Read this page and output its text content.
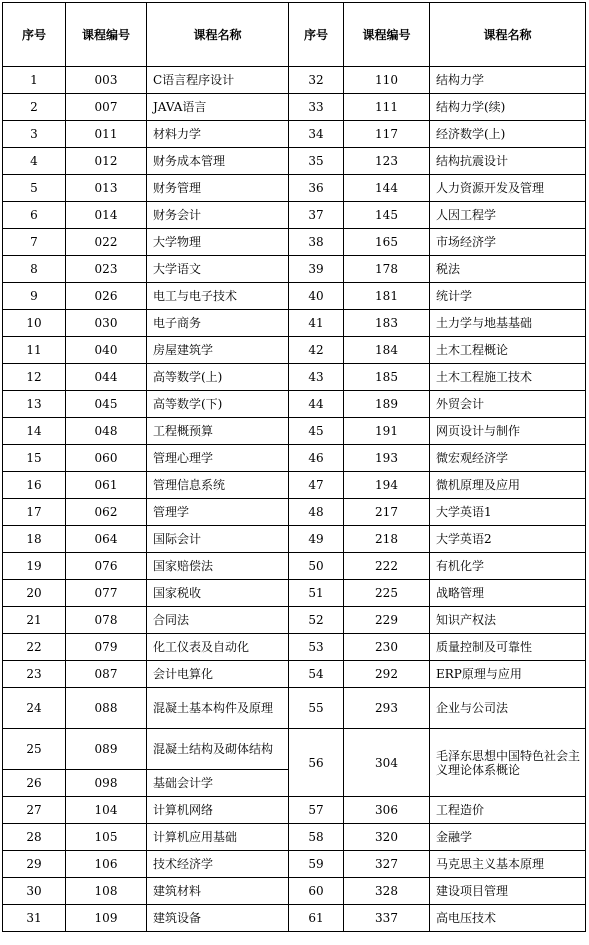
序号	课程编号	课程名称	序号	课程编号	课程名称
1	003	C语言程序设计	32	110	结构力学
2	007	JAVA语言	33	111	结构力学(续)
3	011	材料力学	34	117	经济数学(上)
4	012	财务成本管理	35	123	结构抗震设计
5	013	财务管理	36	144	人力资源开发及管理
6	014	财务会计	37	145	人因工程学
7	022	大学物理	38	165	市场经济学
8	023	大学语文	39	178	税法
9	026	电工与电子技术	40	181	统计学
10	030	电子商务	41	183	土力学与地基基础
11	040	房屋建筑学	42	184	土木工程概论
12	044	高等数学(上)	43	185	土木工程施工技术
13	045	高等数学(下)	44	189	外贸会计
14	048	工程概预算	45	191	网页设计与制作
15	060	管理心理学	46	193	微宏观经济学
16	061	管理信息系统	47	194	微机原理及应用
17	062	管理学	48	217	大学英语1
18	064	国际会计	49	218	大学英语2
19	076	国家赔偿法	50	222	有机化学
20	077	国家税收	51	225	战略管理
21	078	合同法	52	229	知识产权法
22	079	化工仪表及自动化	53	230	质量控制及可靠性
23	087	会计电算化	54	292	ERP原理与应用
24	088	混凝土基本构件及原理	55	293	企业与公司法
25	089	混凝土结构及砌体结构	56	304	毛泽东思想中国特色社会主义理论体系概论
26	098	基础会计学			
27	104	计算机网络	57	306	工程造价
28	105	计算机应用基础	58	320	金融学
29	106	技术经济学	59	327	马克思主义基本原理
30	108	建筑材料	60	328	建设项目管理
31	109	建筑设备	61	337	高电压技术
